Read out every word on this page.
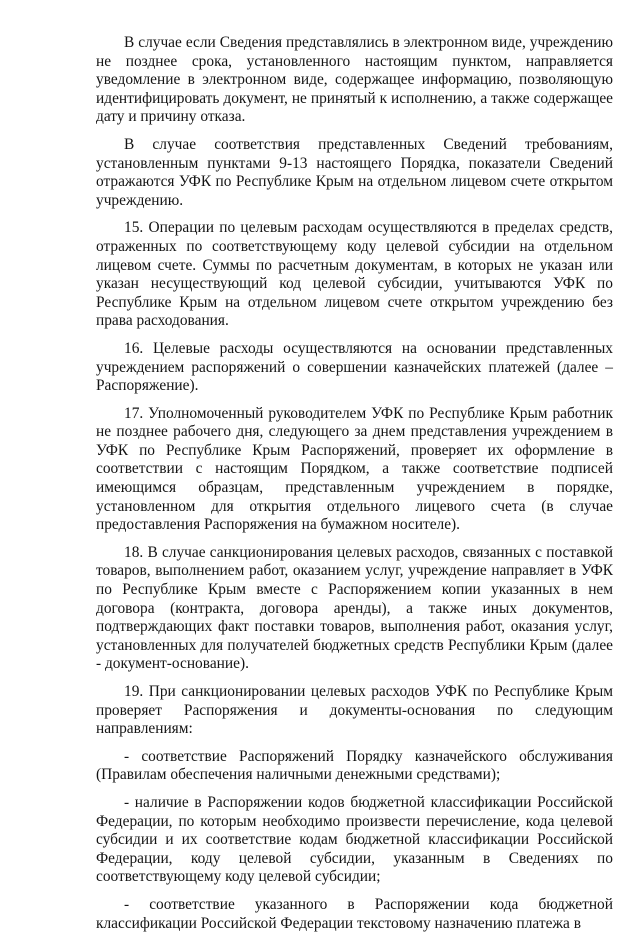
В случае если Сведения представлялись в электронном виде, учреждению не позднее срока, установленного настоящим пунктом, направляется уведомление в электронном виде, содержащее информацию, позволяющую идентифицировать документ, не принятый к исполнению, а также содержащее дату и причину отказа.

В случае соответствия представленных Сведений требованиям, установленным пунктами 9-13 настоящего Порядка, показатели Сведений отражаются УФК по Республике Крым на отдельном лицевом счете открытом учреждению.

15. Операции по целевым расходам осуществляются в пределах средств, отраженных по соответствующему коду целевой субсидии на отдельном лицевом счете. Суммы по расчетным документам, в которых не указан или указан несуществующий код целевой субсидии, учитываются УФК по Республике Крым на отдельном лицевом счете открытом учреждению без права расходования.

16. Целевые расходы осуществляются на основании представленных учреждением распоряжений о совершении казначейских платежей (далее – Распоряжение).

17. Уполномоченный руководителем УФК по Республике Крым работник не позднее рабочего дня, следующего за днем представления учреждением в УФК по Республике Крым Распоряжений, проверяет их оформление в соответствии с настоящим Порядком, а также соответствие подписей имеющимся образцам, представленным учреждением в порядке, установленном для открытия отдельного лицевого счета (в случае предоставления Распоряжения на бумажном носителе).

18. В случае санкционирования целевых расходов, связанных с поставкой товаров, выполнением работ, оказанием услуг, учреждение направляет в УФК по Республике Крым вместе с Распоряжением копии указанных в нем договора (контракта, договора аренды), а также иных документов, подтверждающих факт поставки товаров, выполнения работ, оказания услуг, установленных для получателей бюджетных средств Республики Крым (далее - документ-основание).

19. При санкционировании целевых расходов УФК по Республике Крым проверяет Распоряжения и документы-основания по следующим направлениям:

- соответствие Распоряжений Порядку казначейского обслуживания (Правилам обеспечения наличными денежными средствами);

- наличие в Распоряжении кодов бюджетной классификации Российской Федерации, по которым необходимо произвести перечисление, кода целевой субсидии и их соответствие кодам бюджетной классификации Российской Федерации, коду целевой субсидии, указанным в Сведениях по соответствующему коду целевой субсидии;

- соответствие указанного в Распоряжении кода бюджетной классификации Российской Федерации текстовому назначению платежа в
